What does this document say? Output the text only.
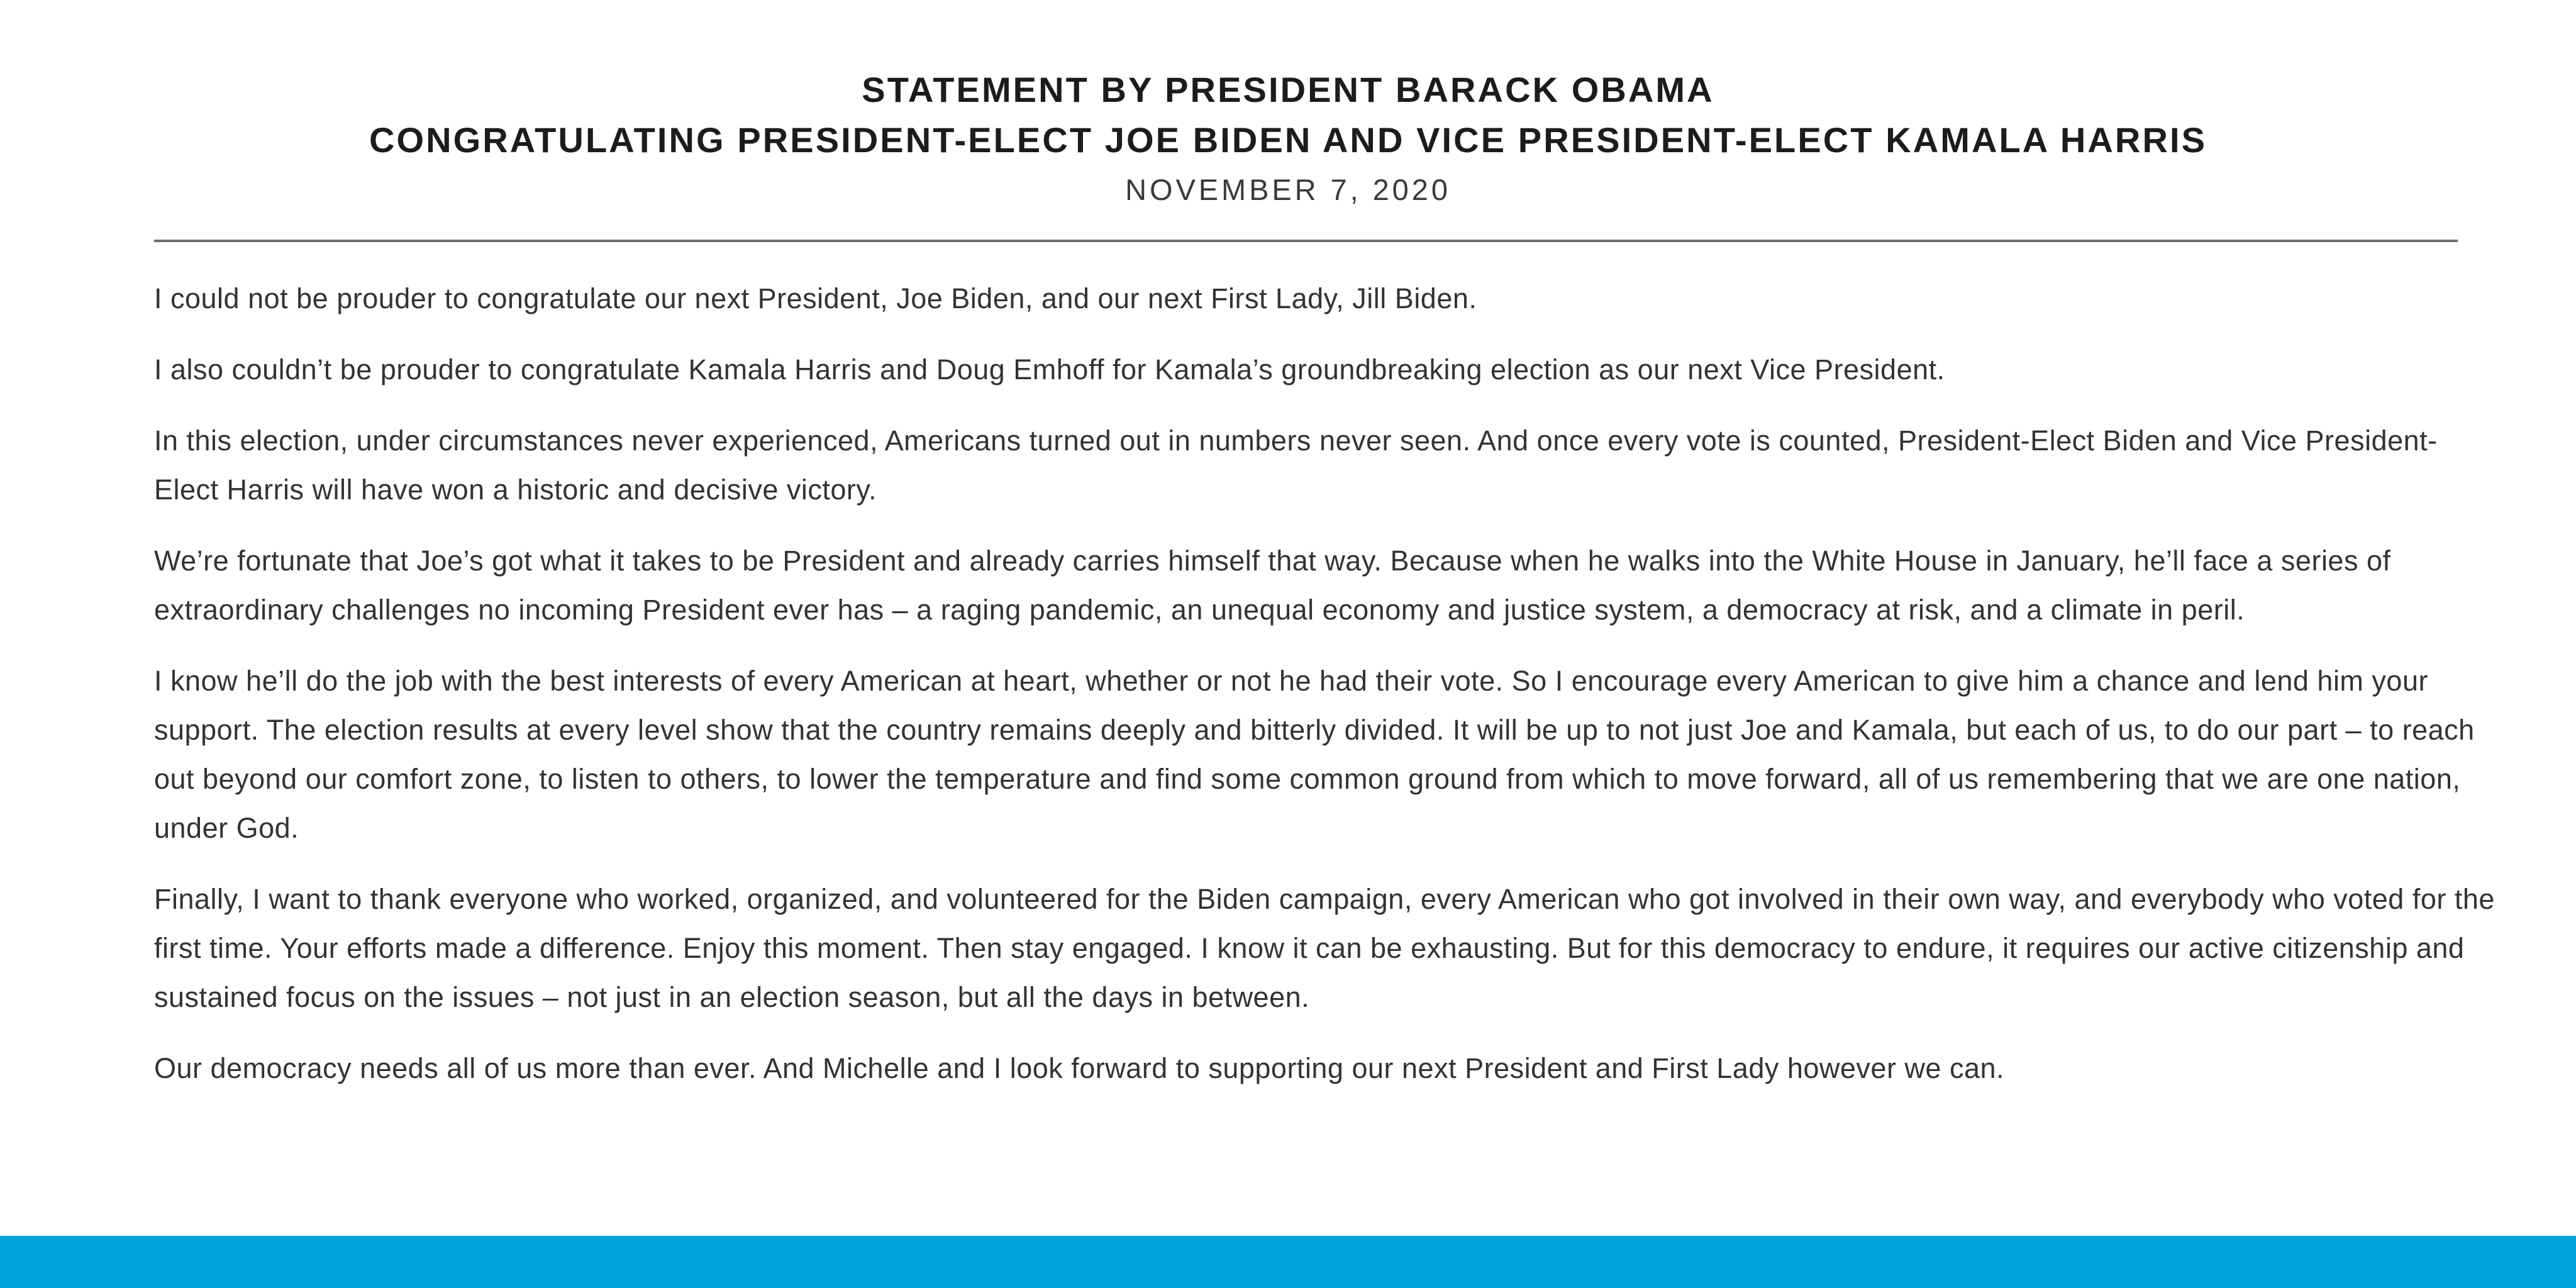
STATEMENT BY PRESIDENT BARACK OBAMA
CONGRATULATING PRESIDENT-ELECT JOE BIDEN AND VICE PRESIDENT-ELECT KAMALA HARRIS
NOVEMBER 7, 2020

I could not be prouder to congratulate our next President, Joe Biden, and our next First Lady, Jill Biden.

I also couldn’t be prouder to congratulate Kamala Harris and Doug Emhoff for Kamala’s groundbreaking election as our next Vice President.

In this election, under circumstances never experienced, Americans turned out in numbers never seen. And once every vote is counted, President-Elect Biden and Vice President-Elect Harris will have won a historic and decisive victory.

We’re fortunate that Joe’s got what it takes to be President and already carries himself that way. Because when he walks into the White House in January, he’ll face a series of extraordinary challenges no incoming President ever has – a raging pandemic, an unequal economy and justice system, a democracy at risk, and a climate in peril.

I know he’ll do the job with the best interests of every American at heart, whether or not he had their vote. So I encourage every American to give him a chance and lend him your support. The election results at every level show that the country remains deeply and bitterly divided. It will be up to not just Joe and Kamala, but each of us, to do our part – to reach out beyond our comfort zone, to listen to others, to lower the temperature and find some common ground from which to move forward, all of us remembering that we are one nation, under God.

Finally, I want to thank everyone who worked, organized, and volunteered for the Biden campaign, every American who got involved in their own way, and everybody who voted for the first time. Your efforts made a difference. Enjoy this moment. Then stay engaged. I know it can be exhausting. But for this democracy to endure, it requires our active citizenship and sustained focus on the issues – not just in an election season, but all the days in between.

Our democracy needs all of us more than ever. And Michelle and I look forward to supporting our next President and First Lady however we can.
